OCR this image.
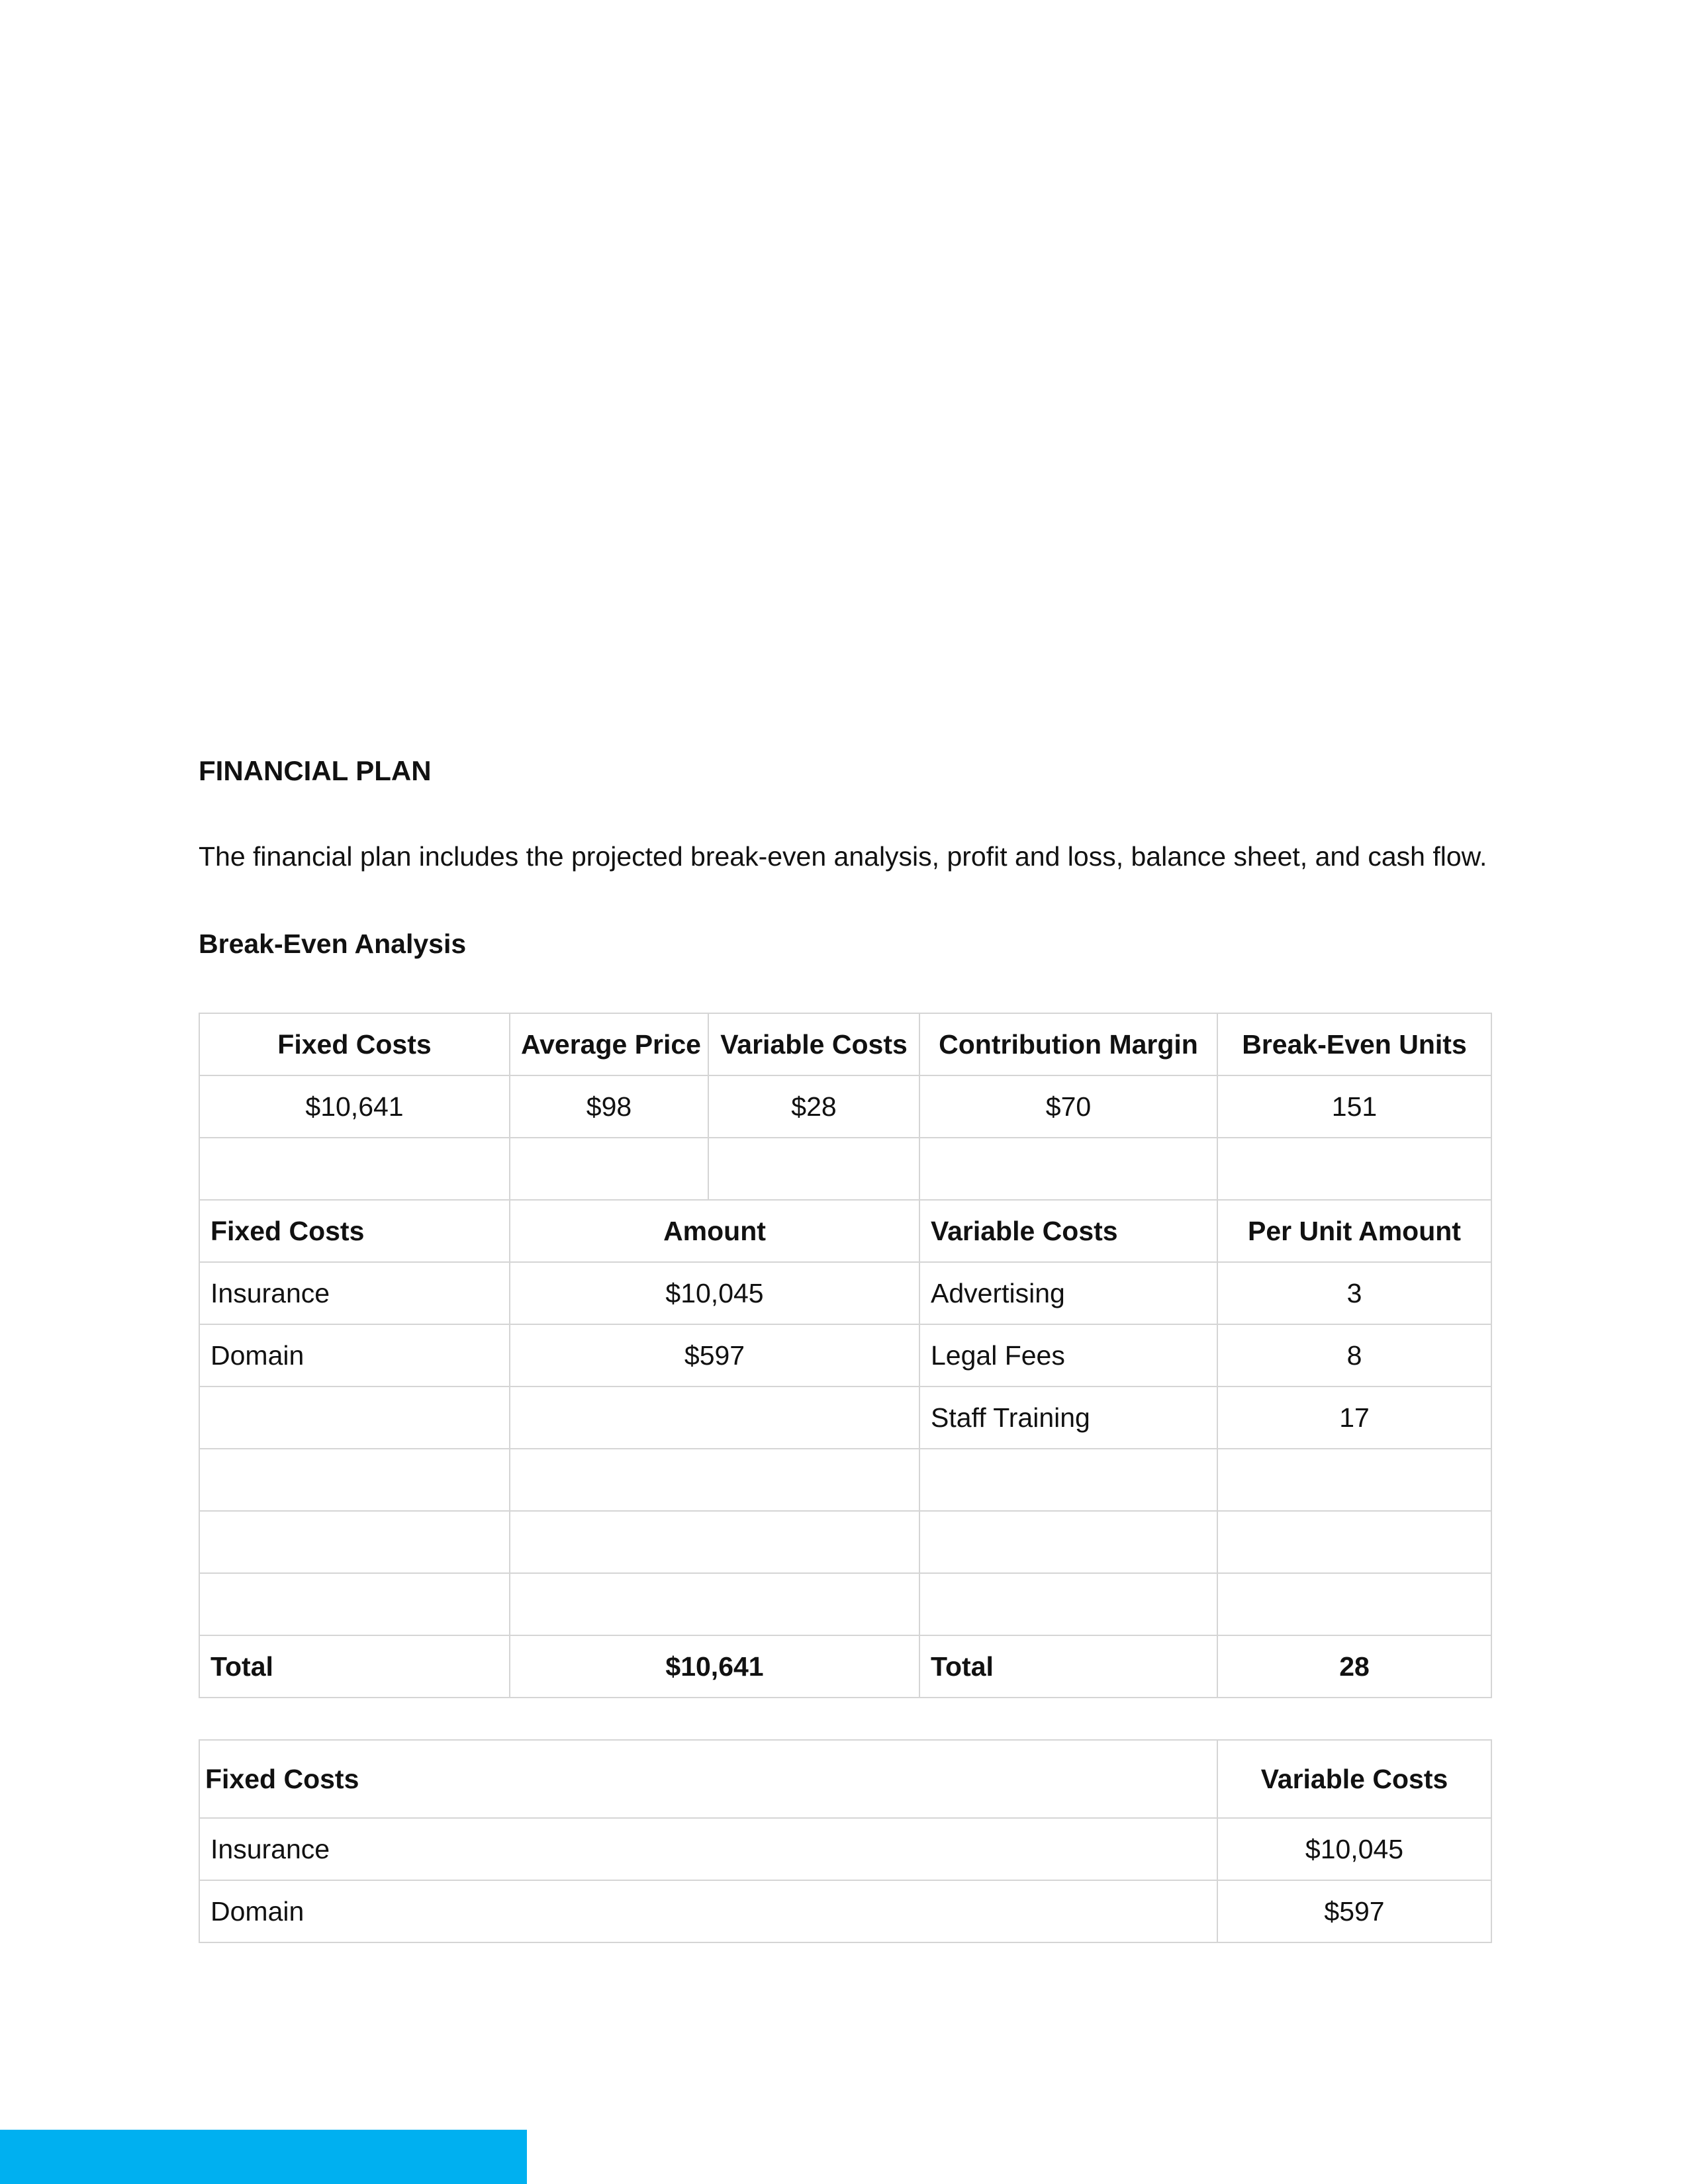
FINANCIAL PLAN

The financial plan includes the projected break-even analysis, profit and loss, balance sheet, and cash flow.

Break-Even Analysis
Fixed Costs	Average Price	Variable Costs	Contribution Margin	Break-Even Units
$10,641	$98	$28	$70	151

Fixed Costs	Amount		Variable Costs	Per Unit Amount
Insurance	$10,045		Advertising	3
Domain	$597		Legal Fees	8
			Staff Training	17

Total	$10,641		Total	28
Fixed Costs	Variable Costs
Insurance	$10,045
Domain	$597
